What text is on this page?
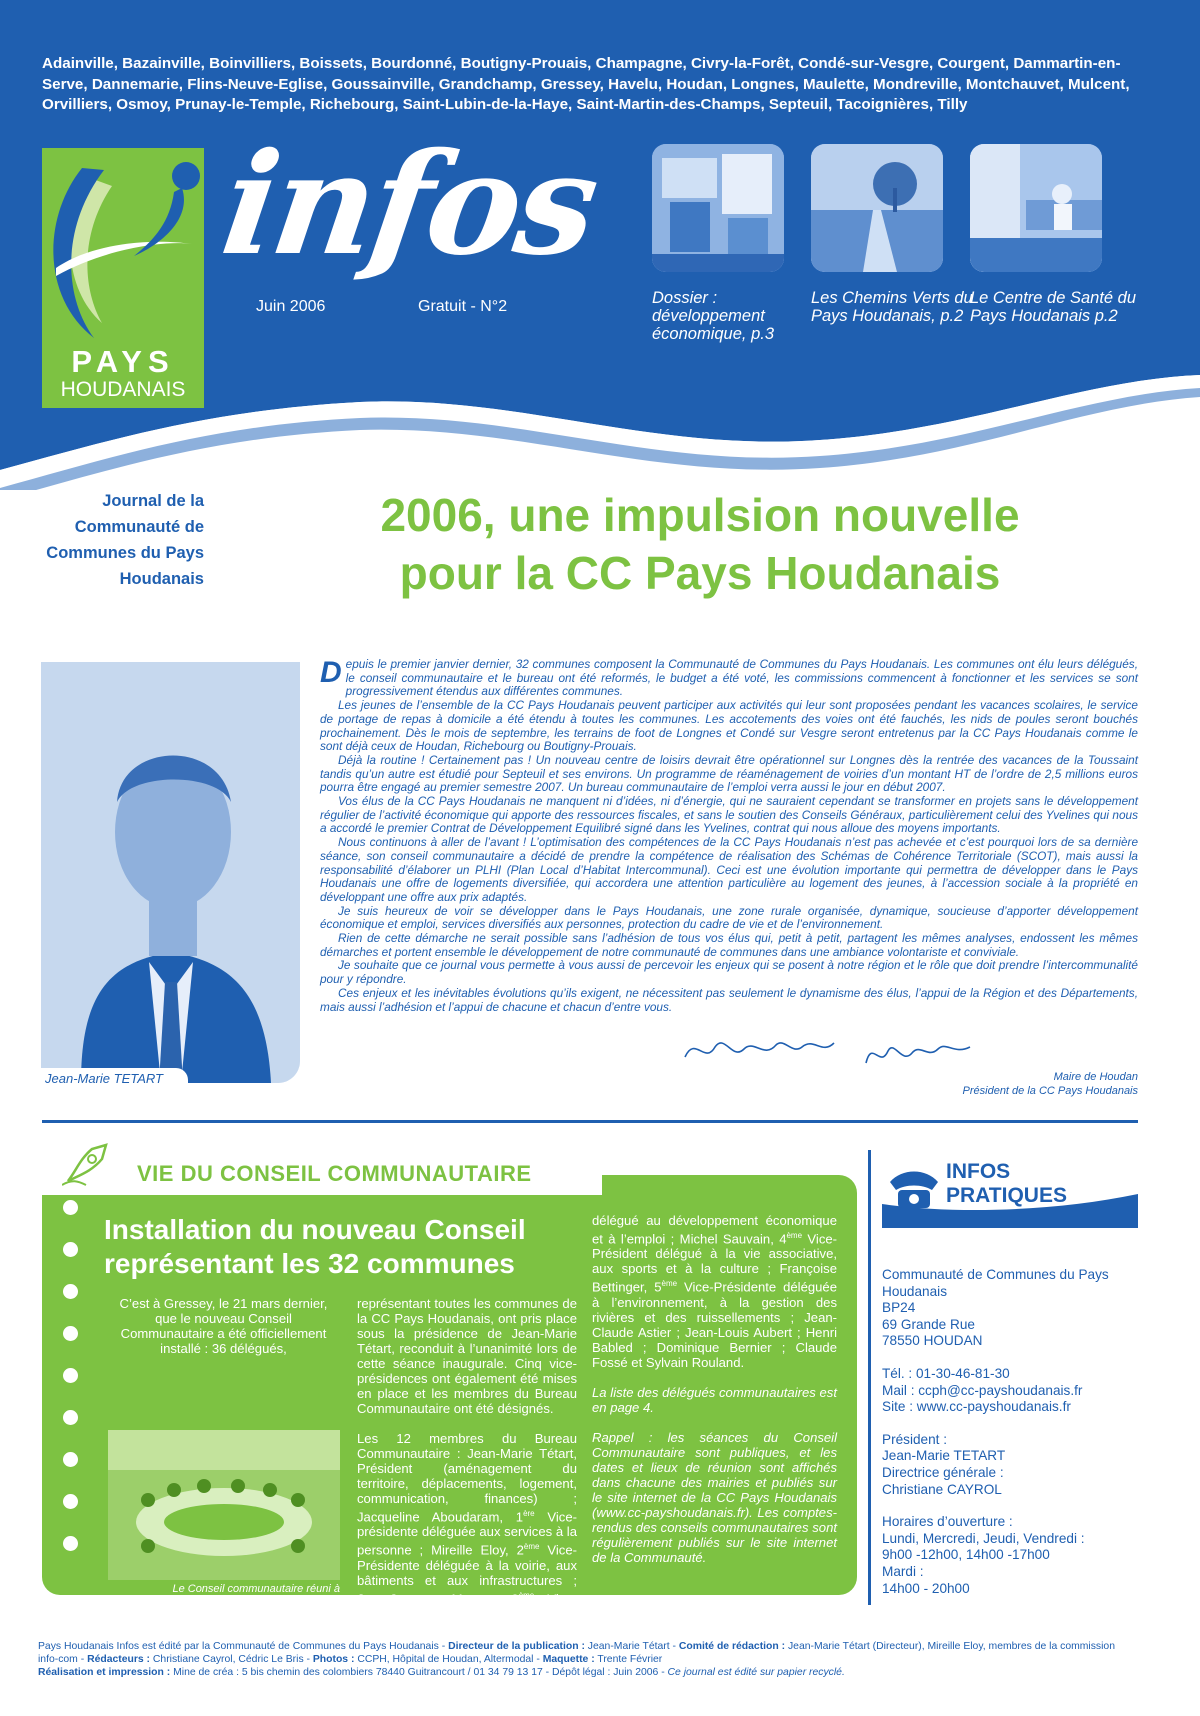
Adainville, Bazainville, Boinvilliers, Boissets, Bourdonné, Boutigny-Prouais, Champagne, Civry-la-Forêt, Condé-sur-Vesgre, Courgent, Dammartin-en-Serve, Dannemarie, Flins-Neuve-Eglise, Goussainville, Grandchamp, Gressey, Havelu, Houdan, Longnes, Maulette, Mondreville, Montchauvet, Mulcent, Orvilliers, Osmoy, Prunay-le-Temple, Richebourg, Saint-Lubin-de-la-Haye, Saint-Martin-des-Champs, Septeuil, Tacoignières, Tilly
PAYS
HOUDANAIS
infos
Juin 2006	Gratuit - N°2	Dossier : développement économique, p.3
Les Chemins Verts du Pays Houdanais, p.2
Le Centre de Santé du Pays Houdanais p.2
Journal de la Communauté de Communes du Pays Houdanais
2006, une impulsion nouvelle
pour la CC Pays Houdanais
Jean-Marie TETART

Depuis le premier janvier dernier, 32 communes composent la Communauté de Communes du Pays Houdanais. Les communes ont élu leurs délégués, le conseil communautaire et le bureau ont été reformés, le budget a été voté, les commissions commencent à fonctionner et les services se sont progressivement étendus aux différentes communes.

Les jeunes de l’ensemble de la CC Pays Houdanais peuvent participer aux activités qui leur sont proposées pendant les vacances scolaires, le service de portage de repas à domicile a été étendu à toutes les communes. Les accotements des voies ont été fauchés, les nids de poules seront bouchés prochainement. Dès le mois de septembre, les terrains de foot de Longnes et Condé sur Vesgre seront entretenus par la CC Pays Houdanais comme le sont déjà ceux de Houdan, Richebourg ou Boutigny-Prouais.

Déjà la routine ! Certainement pas ! Un nouveau centre de loisirs devrait être opérationnel sur Longnes dès la rentrée des vacances de la Toussaint tandis qu’un autre est étudié pour Septeuil et ses environs. Un programme de réaménagement de voiries d’un montant HT de l’ordre de 2,5 millions euros pourra être engagé au premier semestre 2007. Un bureau communautaire de l’emploi verra aussi le jour en début 2007.

Vos élus de la CC Pays Houdanais ne manquent ni d’idées, ni d’énergie, qui ne sauraient cependant se transformer en projets sans le développement régulier de l’activité économique qui apporte des ressources fiscales, et sans le soutien des Conseils Généraux, particulièrement celui des Yvelines qui nous a accordé le premier Contrat de Développement Equilibré signé dans les Yvelines, contrat qui nous alloue des moyens importants.

Nous continuons à aller de l’avant ! L’optimisation des compétences de la CC Pays Houdanais n’est pas achevée et c’est pourquoi lors de sa dernière séance, son conseil communautaire a décidé de prendre la compétence de réalisation des Schémas de Cohérence Territoriale (SCOT), mais aussi la responsabilité d’élaborer un PLHI (Plan Local d’Habitat Intercommunal). Ceci est une évolution importante qui permettra de développer dans le Pays Houdanais une offre de logements diversifiée, qui accordera une attention particulière au logement des jeunes, à l’accession sociale à la propriété en développant une offre aux prix adaptés.

Je suis heureux de voir se développer dans le Pays Houdanais, une zone rurale organisée, dynamique, soucieuse d’apporter développement économique et emploi, services diversifiés aux personnes, protection du cadre de vie et de l’environnement.

Rien de cette démarche ne serait possible sans l’adhésion de tous vos élus qui, petit à petit, partagent les mêmes analyses, endossent les mêmes démarches et portent ensemble le développement de notre communauté de communes dans une ambiance volontariste et conviviale.

Je souhaite que ce journal vous permette à vous aussi de percevoir les enjeux qui se posent à notre région et le rôle que doit prendre l’intercommunalité pour y répondre.

Ces enjeux et les inévitables évolutions qu’ils exigent, ne nécessitent pas seulement le dynamisme des élus, l’appui de la Région et des Départements, mais aussi l’adhésion et l’appui de chacune et chacun d’entre vous.

Maire de Houdan
Président de la CC Pays Houdanais
VIE DU CONSEIL COMMUNAUTAIRE
Installation du nouveau Conseil
représentant les 32 communes

C’est à Gressey, le 21 mars dernier, que le nouveau Conseil Communautaire a été officiellement installé : 36 délégués,

Le Conseil communautaire réuni à Tacoignières, 13 juin 2006

représentant toutes les communes de la CC Pays Houdanais, ont pris place sous la présidence de Jean-Marie Tétart, reconduit à l’unanimité lors de cette séance inaugurale. Cinq vice-présidences ont également été mises en place et les membres du Bureau Communautaire ont été désignés.

Les 12 membres du Bureau Communautaire : Jean-Marie Tétart, Président (aménagement du territoire, déplacements, logement, communication, finances) ; Jacqueline Aboudaram, 1ère Vice-présidente déléguée aux services à la personne ; Mireille Eloy, 2ème Vice-Présidente déléguée à la voirie, aux bâtiments et aux infrastructures ; Jean-Jacques Mansat, 3ème Vice-Président

délégué au développement économique et à l’emploi ; Michel Sauvain, 4ème Vice-Président délégué à la vie associative, aux sports et à la culture ; Françoise Bettinger, 5ème Vice-Présidente déléguée à l’environnement, à la gestion des rivières et des ruissellements ; Jean-Claude Astier ; Jean-Louis Aubert ; Henri Babled ; Dominique Bernier ; Claude Fossé et Sylvain Rouland.

La liste des délégués communautaires est en page 4.

Rappel : les séances du Conseil Communautaire sont publiques, et les dates et lieux de réunion sont affichés dans chacune des mairies et publiés sur le site internet de la CC Pays Houdanais (www.cc-payshoudanais.fr). Les comptes-rendus des conseils communautaires sont régulièrement publiés sur le site internet de la Communauté.

INFOS
PRATIQUES
Communauté de Communes du Pays Houdanais
BP24
69 Grande Rue
78550 HOUDAN
Tél. : 01-30-46-81-30
Mail : ccph@cc-payshoudanais.fr
Site : www.cc-payshoudanais.fr
Président :
Jean-Marie TETART
Directrice générale :
Christiane CAYROL
Horaires d’ouverture :
Lundi, Mercredi, Jeudi, Vendredi :
9h00 -12h00, 14h00 -17h00
Mardi :
14h00 - 20h00
Pays Houdanais Infos est édité par la Communauté de Communes du Pays Houdanais - Directeur de la publication : Jean-Marie Tétart - Comité de rédaction : Jean-Marie Tétart (Directeur), Mireille Eloy, membres de la commission info-com - Rédacteurs : Christiane Cayrol, Cédric Le Bris - Photos : CCPH, Hôpital de Houdan, Altermodal - Maquette : Trente Février
Réalisation et impression : Mine de créa : 5 bis chemin des colombiers 78440 Guitrancourt / 01 34 79 13 17 - Dépôt légal : Juin 2006 - Ce journal est édité sur papier recyclé.
